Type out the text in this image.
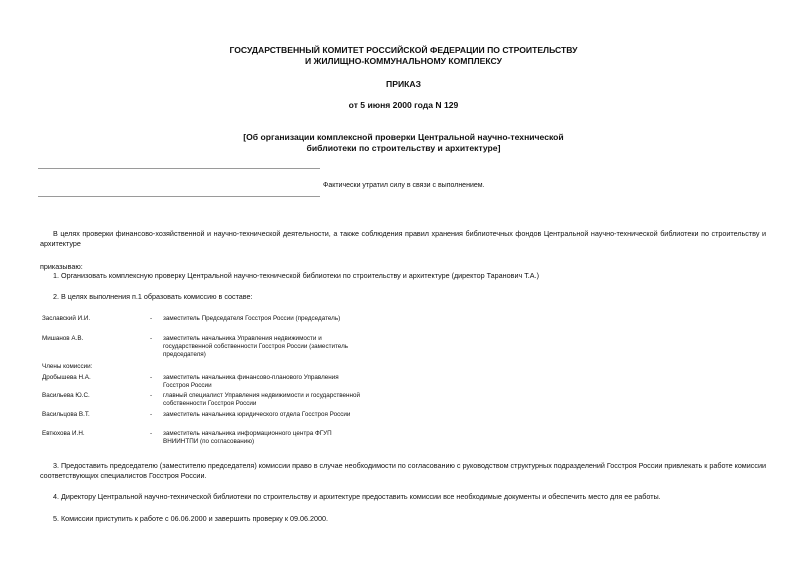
ГОСУДАРСТВЕННЫЙ КОМИТЕТ РОССИЙСКОЙ ФЕДЕРАЦИИ ПО СТРОИТЕЛЬСТВУ
И ЖИЛИЩНО-КОММУНАЛЬНОМУ КОМПЛЕКСУ
ПРИКАЗ
от 5 июня 2000 года N 129
[Об организации комплексной проверки Центральной научно-технической
библиотеки по строительству и архитектуре]
Фактически утратил силу в связи с выполнением.
В целях проверки финансово-хозяйственной и научно-технической деятельности, а также соблюдения правил хранения библиотечных фондов Центральной научно-технической библиотеки по строительству и архитектуре
приказываю:
1. Организовать комплексную проверку Центральной научно-технической библиотеки по строительству и архитектуре (директор Таранович Т.А.)
2. В целях выполнения п.1 образовать комиссию в составе:
Заславский И.И.	- заместитель Председателя Госстроя России (председатель)
Мишанов А.В.	- заместитель начальника Управления недвижимости и государственной собственности Госстроя России (заместитель председателя)
Члены комиссии:
Дробышева Н.А.	- заместитель начальника финансово-планового Управления Госстроя России
Васильева Ю.С.	- главный специалист Управления недвижимости и государственной собственности Госстроя России
Васильцова В.Т.	- заместитель начальника юридического отдела Госстроя России
Евтюхова И.Н.	- заместитель начальника информационного центра ФГУП ВНИИНТПИ (по согласованию)
3. Предоставить председателю (заместителю председателя) комиссии право в случае необходимости по согласованию с руководством структурных подразделений Госстроя России привлекать к работе комиссии соответствующих специалистов Госстроя России.
4. Директору Центральной научно-технической библиотеки по строительству и архитектуре предоставить комиссии все необходимые документы и обеспечить место для ее работы.
5. Комиссии приступить к работе с 06.06.2000 и завершить проверку к 09.06.2000.
